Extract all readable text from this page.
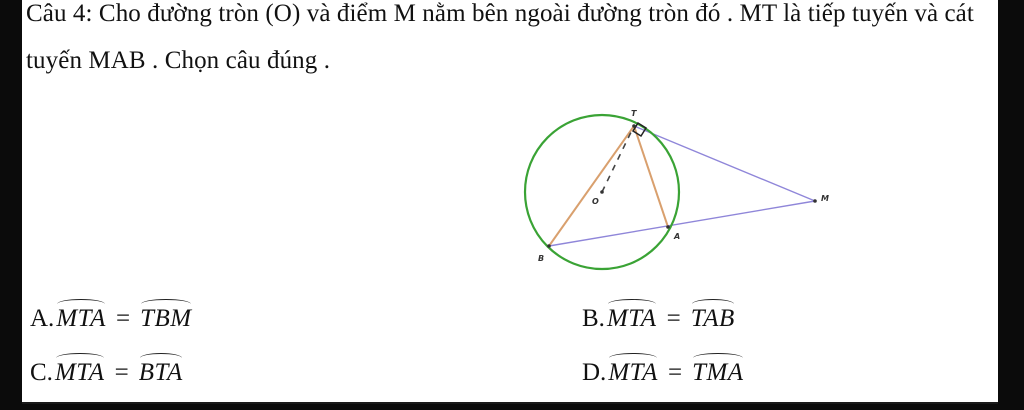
Câu 4: Cho đường tròn (O) và điểm M nằm bên ngoài đường tròn đó . MT là tiếp tuyến và cát tuyến MAB . Chọn câu đúng .

T
O	M
A
B
A. MTA = TBM	B. MTA = TAB
C. MTA = BTA	D. MTA = TMA
